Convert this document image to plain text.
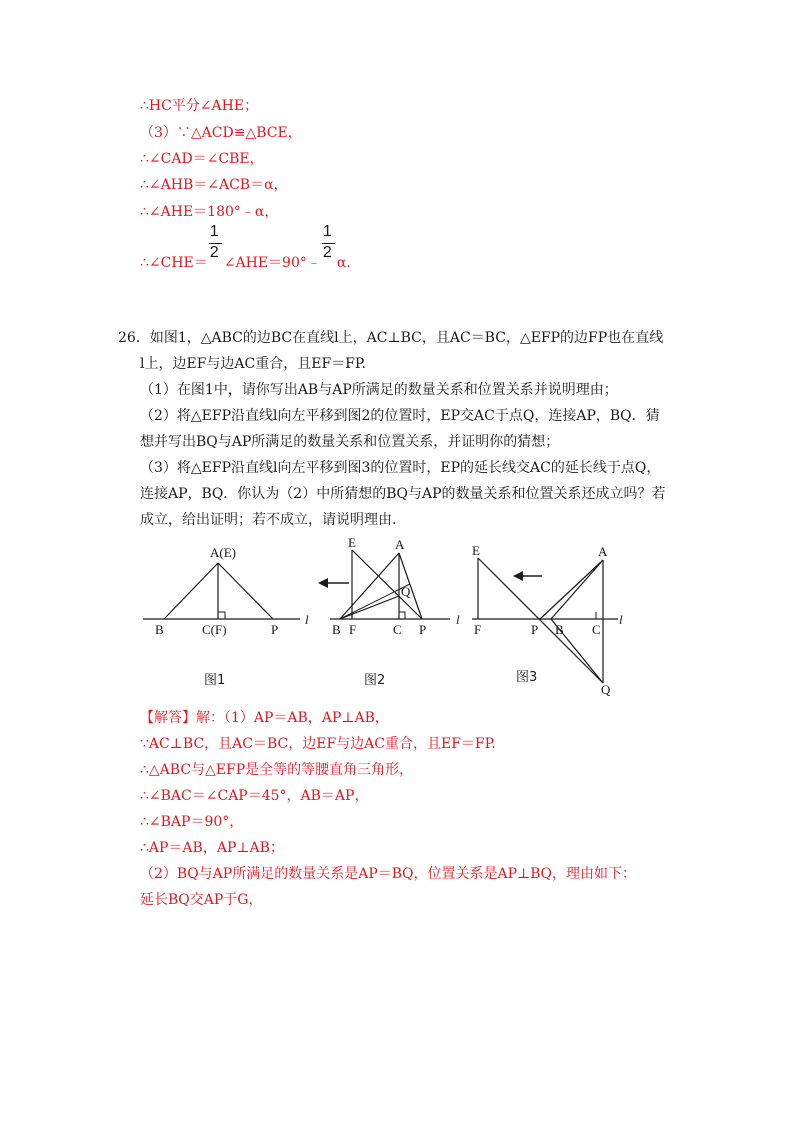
∴HC平分∠AHE；
（3）∵△ACD≌△BCE，
∴∠CAD＝∠CBE，
∴∠AHB＝∠ACB＝α，
∴∠AHE＝180°﹣α，
∴∠CHE＝ $\frac{1}{2}$ ∠AHE＝90°﹣ $\frac{1}{2} \alpha$.
26．如图1，△ABC的边BC在直线l上，AC⊥BC，且AC＝BC，△EFP的边FP也在直线
l上，边EF与边AC重合，且EF＝FP.
（1）在图1中，请你写出AB与AP所满足的数量关系和位置关系并说明理由；
（2）将△EFP沿直线l向左平移到图2的位置时，EP交AC于点Q，连接AP，BQ．猜
想并写出BQ与AP所满足的数量关系和位置关系，并证明你的猜想；
（3）将△EFP沿直线l向左平移到图3的位置时，EP的延长线交AC的延长线于点Q，
连接AP，BQ．你认为（2）中所猜想的BQ与AP的数量关系和位置关系还成立吗？若
成立，给出证明；若不成立，请说明理由.
A(E)
B	C(F)	P
l
图1
E	A
Q
B F	C P
l
图2
E	A
F	P B C
l
Q
图3
【解答】解：（1）AP＝AB，AP⊥AB，
∵AC⊥BC，且AC＝BC，边EF与边AC重合，且EF＝FP.
∴△ABC与△EFP是全等的等腰直角三角形，
∴∠BAC＝∠CAP＝45°，AB＝AP，
∴∠BAP＝90°，
∴AP＝AB，AP⊥AB；
（2）BQ与AP所满足的数量关系是AP＝BQ，位置关系是AP⊥BQ，理由如下：
延长BQ交AP于G，
